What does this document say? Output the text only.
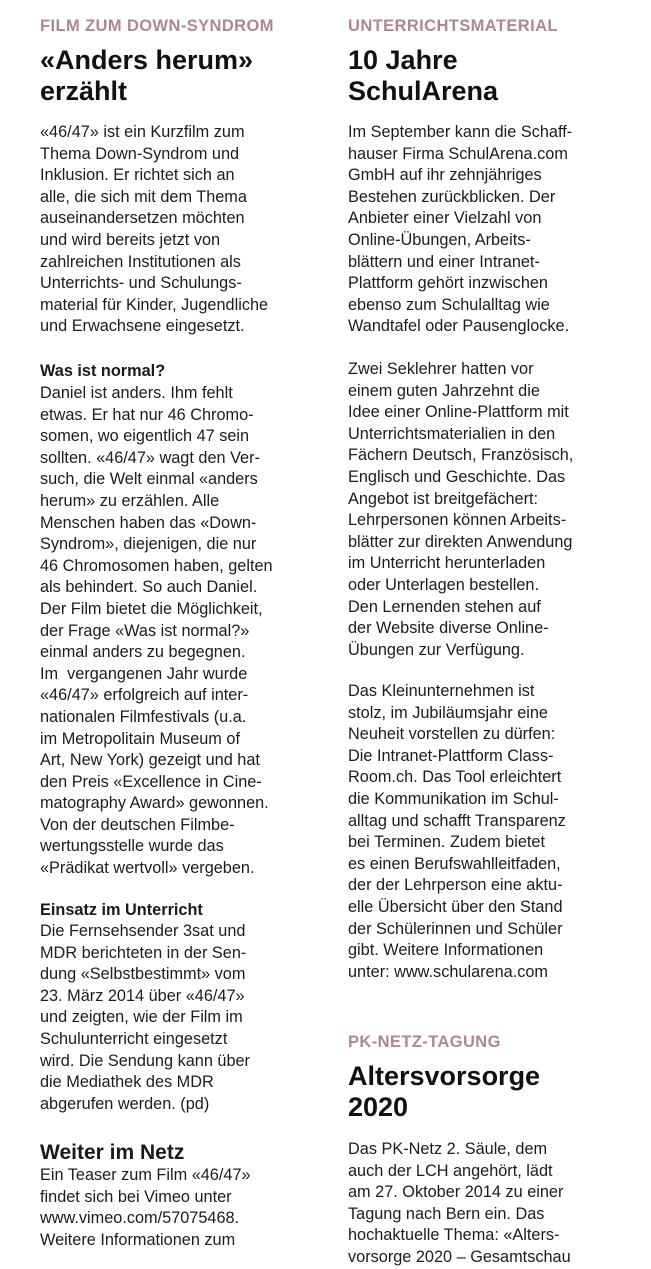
FILM ZUM DOWN-SYNDROM

«Anders herum»
erzählt
«46/47» ist ein Kurzfilm zum
Thema Down-Syndrom und
Inklusion. Er richtet sich an
alle, die sich mit dem Thema
auseinandersetzen möchten
und wird bereits jetzt von
zahlreichen Institutionen als
Unterrichts- und Schulungs-
material für Kinder, Jugendliche
und Erwachsene eingesetzt.

Was ist normal?

Daniel ist anders. Ihm fehlt
etwas. Er hat nur 46 Chromo-
somen, wo eigentlich 47 sein
sollten. «46/47» wagt den Ver-
such, die Welt einmal «anders
herum» zu erzählen. Alle
Menschen haben das «Down-
Syndrom», diejenigen, die nur
46 Chromosomen haben, gelten
als behindert. So auch Daniel.
Der Film bietet die Möglichkeit,
der Frage «Was ist normal?»
einmal anders zu begegnen.
Im  vergangenen Jahr wurde
«46/47» erfolgreich auf inter-
nationalen Filmfestivals (u.a.
im Metropolitain Museum of
Art, New York) gezeigt und hat
den Preis «Excellence in Cine-
matography Award» gewonnen.
Von der deutschen Filmbe-
wertungsstelle wurde das
«Prädikat wertvoll» vergeben.

Einsatz im Unterricht

Die Fernsehsender 3sat und
MDR berichteten in der Sen-
dung «Selbstbestimmt» vom
23. März 2014 über «46/47»
und zeigten, wie der Film im
Schulunterricht eingesetzt
wird. Die Sendung kann über
die Mediathek des MDR
abgerufen werden. (pd)

Weiter im Netz

Ein Teaser zum Film «46/47»
findet sich bei Vimeo unter
www.vimeo.com/57075468.
Weitere Informationen zum

UNTERRICHTSMATERIAL

10 Jahre
SchulArena
Im September kann die Schaff-
hauser Firma SchulArena.com
GmbH auf ihr zehnjähriges
Bestehen zurückblicken. Der
Anbieter einer Vielzahl von
Online-Übungen, Arbeits-
blättern und einer Intranet-
Plattform gehört inzwischen
ebenso zum Schulalltag wie
Wandtafel oder Pausenglocke.
Zwei Seklehrer hatten vor
einem guten Jahrzehnt die
Idee einer Online-Plattform mit
Unterrichtsmaterialien in den
Fächern Deutsch, Französisch,
Englisch und Geschichte. Das
Angebot ist breitgefächert:
Lehrpersonen können Arbeits-
blätter zur direkten Anwendung
im Unterricht herunterladen
oder Unterlagen bestellen.
Den Lernenden stehen auf
der Website diverse Online-
Übungen zur Verfügung.
Das Kleinunternehmen ist
stolz, im Jubiläumsjahr eine
Neuheit vorstellen zu dürfen:
Die Intranet-Plattform Class-
Room.ch. Das Tool erleichtert
die Kommunikation im Schul-
alltag und schafft Transparenz
bei Terminen. Zudem bietet
es einen Berufswahlleitfaden,
der der Lehrperson eine aktu-
elle Übersicht über den Stand
der Schülerinnen und Schüler
gibt. Weitere Informationen
unter: www.schularena.com

PK-NETZ-TAGUNG

Altersvorsorge
2020
Das PK-Netz 2. Säule, dem
auch der LCH angehört, lädt
am 27. Oktober 2014 zu einer
Tagung nach Bern ein. Das
hochaktuelle Thema: «Alters-
vorsorge 2020 – Gesamtschau
